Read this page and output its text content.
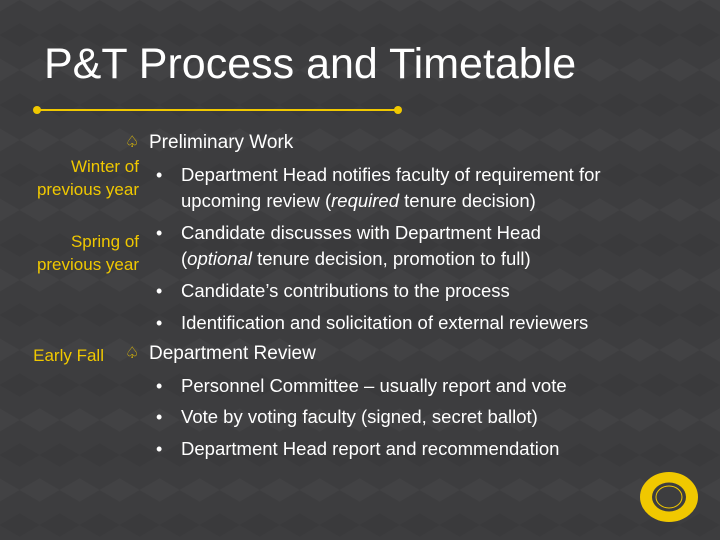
P&T Process and Timetable
Winter of
previous year
Spring of
previous year
Early Fall
♤ Preliminary Work
•	Department Head notifies faculty of requirement for
upcoming review (required tenure decision)
•	Candidate discusses with Department Head
(optional tenure decision, promotion to full)
•	Candidate’s contributions to the process
•	Identification and solicitation of external reviewers
♤ Department Review
•	Personnel Committee – usually report and vote
•	Vote by voting faculty (signed, secret ballot)
•	Department Head report and recommendation
